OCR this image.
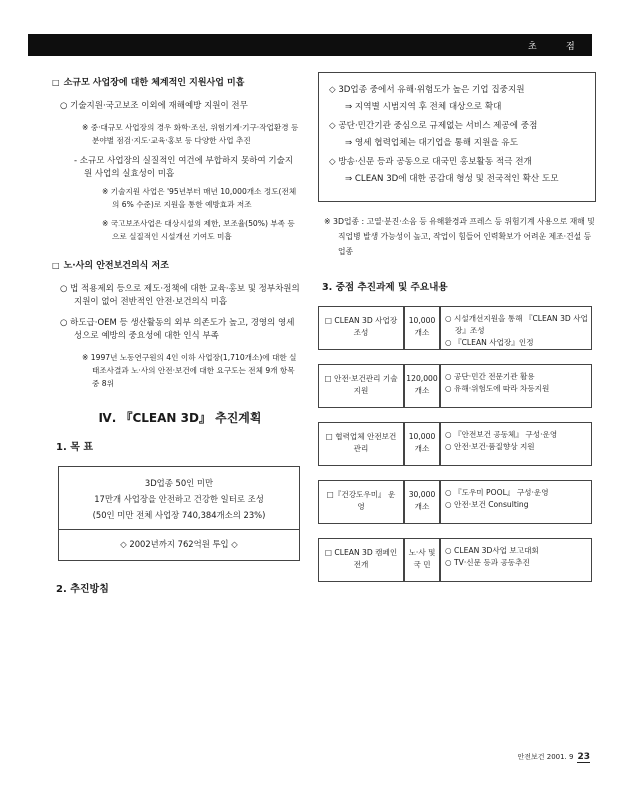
초	점
□ 소규모 사업장에 대한 체계적인 지원사업 미흡
○ 기술지원·국고보조 이외에 재해예방 지원이 전무
※ 중·대규모 사업장의 경우 화학·조선, 위험기계·기구·작업환경 등 분야별 점검·지도·교육·홍보 등 다양한 사업 추진
- 소규모 사업장의 실질적인 여건에 부합하지 못하여 기술지원 사업의 실효성이 미흡
※ 기술지원 사업은 '95년부터 매년 10,000개소 정도(전체의 6% 수준)로 지원을 통한 예방효과 저조
※ 국고보조사업은 대상시설의 제한, 보조율(50%) 부족 등으로 실질적인 시설개선 기여도 미흡
□ 노·사의 안전보건의식 저조
○ 법 적용제외 등으로 제도·정책에 대한 교육·홍보 및 정부차원의 지원이 없어 전반적인 안전·보건의식 미흡
○ 하도급·OEM 등 생산활동의 외부 의존도가 높고, 경영의 영세성으로 예방의 중요성에 대한 인식 부족
※ 1997년 노동연구원의 4인 이하 사업장(1,710개소)에 대한 실태조사결과 노·사의 안전·보건에 대한 요구도는 전체 9개 항목 중 8위
Ⅳ. 『CLEAN 3D』 추진계획
1. 목 표
3D업종 50인 미만
17만개 사업장을 안전하고 건강한 일터로 조성
(50인 미만 전체 사업장 740,384개소의 23%)
◇ 2002년까지 762억원 투입 ◇
2. 추진방침
◇ 3D업종 중에서 유해·위험도가 높은 기업 집중지원
⇒ 지역별 시범지역 후 전체 대상으로 확대
◇ 공단·민간기관 중심으로 규제없는 서비스 제공에 중점
⇒ 영세 협력업체는 대기업을 통해 지원을 유도
◇ 방송·신문 등과 공동으로 대국민 홍보활동 적극 전개
⇒ CLEAN 3D에 대한 공감대 형성 및 전국적인 확산 도모
※ 3D업종 : 고열·분진·소음 등 유해환경과 프레스 등 위험기계 사용으로 재해 및 직업병 발생 가능성이 높고, 작업이 힘들어 인력확보가 어려운 제조·건설 등 업종
3. 중점 추진과제 및 주요내용
□ CLEAN 3D 사업장 조성
10,000 개소
○ 시설개선지원을 통해 『CLEAN 3D 사업장』조성
○ 『CLEAN 사업장』인정
□ 안전·보건관리 기술지원
120,000 개소
○ 공단·민간 전문기관 활용
○ 유해·위험도에 따라 차등지원
□ 협력업체 안전보건관리
10,000 개소
○ 『안전보건 공동체』 구성·운영
○ 안전·보건·품질향상 지원
□『건강도우미』 운영
30,000 개소
○ 『도우미 POOL』 구성·운영
○ 안전·보건 Consulting
□ CLEAN 3D 캠페인 전개
노·사 및 국 민
○ CLEAN 3D사업 보고대회
○ TV·신문 등과 공동추진
안전보건 2001. 9 23
